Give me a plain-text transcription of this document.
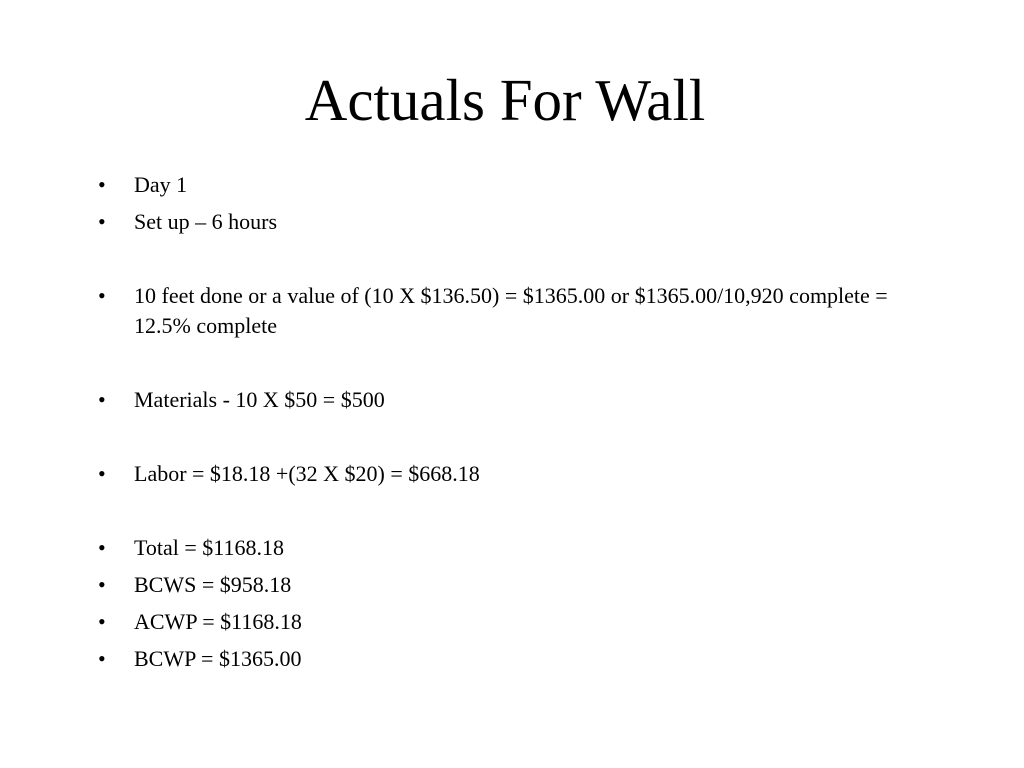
Actuals For Wall
•	Day 1
•	Set up – 6 hours
•	10 feet done or a value of (10 X $136.50) = $1365.00 or $1365.00/10,920 complete = 12.5% complete
•	Materials - 10 X $50 = $500
•	Labor = $18.18 +(32 X $20) = $668.18
•	Total = $1168.18
•	BCWS = $958.18
•	ACWP = $1168.18
•	BCWP = $1365.00
